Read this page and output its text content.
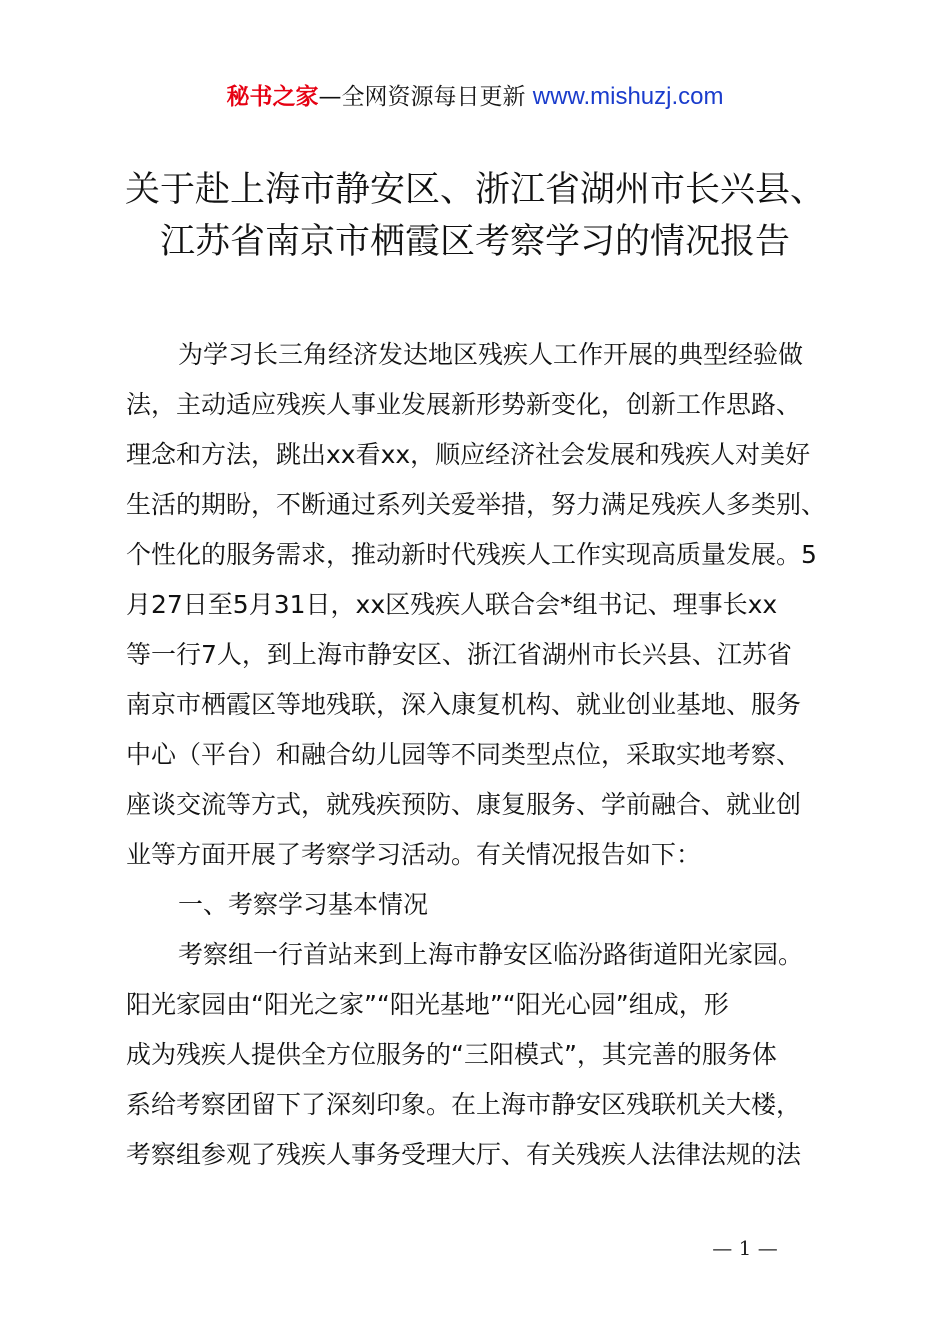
秘书之家—全网资源每日更新 www.mishuzj.com
关于赴上海市静安区、浙江省湖州市长兴县、
江苏省南京市栖霞区考察学习的情况报告
为学习长三角经济发达地区残疾人工作开展的典型经验做
法，主动适应残疾人事业发展新形势新变化，创新工作思路、
理念和方法，跳出xx看xx，顺应经济社会发展和残疾人对美好
生活的期盼，不断通过系列关爱举措，努力满足残疾人多类别、
个性化的服务需求，推动新时代残疾人工作实现高质量发展。5
月27日至5月31日，xx区残疾人联合会*组书记、理事长xx
等一行7人，到上海市静安区、浙江省湖州市长兴县、江苏省
南京市栖霞区等地残联，深入康复机构、就业创业基地、服务
中心（平台）和融合幼儿园等不同类型点位，采取实地考察、
座谈交流等方式，就残疾预防、康复服务、学前融合、就业创
业等方面开展了考察学习活动。有关情况报告如下：
一、考察学习基本情况
考察组一行首站来到上海市静安区临汾路街道阳光家园。
阳光家园由“阳光之家”“阳光基地”“阳光心园”组成，形
成为残疾人提供全方位服务的“三阳模式”，其完善的服务体
系给考察团留下了深刻印象。在上海市静安区残联机关大楼，
考察组参观了残疾人事务受理大厅、有关残疾人法律法规的法
— 1 —
